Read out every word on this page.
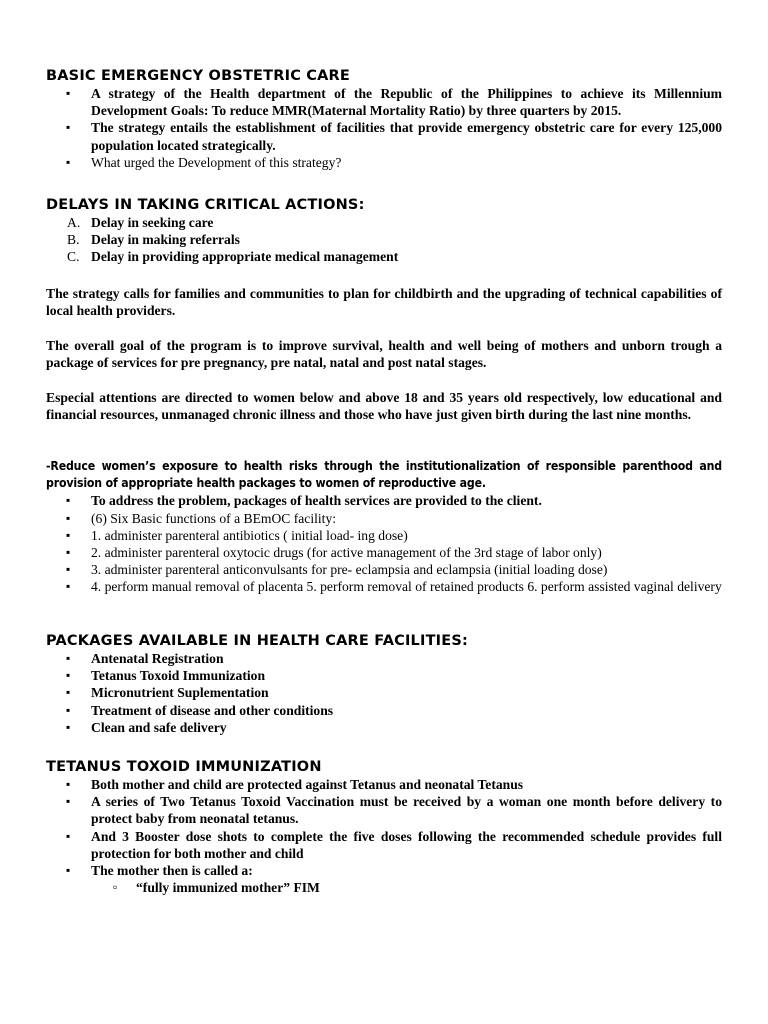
BASIC EMERGENCY OBSTETRIC CARE
▪ A strategy of the Health department of the Republic of the Philippines to achieve its Millennium Development Goals: To reduce MMR(Maternal Mortality Ratio) by three quarters by 2015.
▪ The strategy entails the establishment of facilities that provide emergency obstetric care for every 125,000 population located strategically.
▪ What urged the Development of this strategy?
DELAYS IN TAKING CRITICAL ACTIONS:
A. Delay in seeking care
B. Delay in making referrals
C. Delay in providing appropriate medical management

The strategy calls for families and communities to plan for childbirth and the upgrading of technical capabilities of local health providers.

The overall goal of the program is to improve survival, health and well being of mothers and unborn trough a package of services for pre pregnancy, pre natal, natal and post natal stages.

Especial attentions are directed to women below and above 18 and 35 years old respectively, low educational and financial resources, unmanaged chronic illness and those who have just given birth during the last nine months.

-Reduce women’s exposure to health risks through the institutionalization of responsible parenthood and provision of appropriate health packages to women of reproductive age.

▪ To address the problem, packages of health services are provided to the client.
▪ (6) Six Basic functions of a BEmOC facility:
▪ 1. administer parenteral antibiotics ( initial load- ing dose)
▪ 2. administer parenteral oxytocic drugs (for active management of the 3rd stage of labor only)
▪ 3. administer parenteral anticonvulsants for pre- eclampsia and eclampsia (initial loading dose)
▪ 4. perform manual removal of placenta 5. perform removal of retained products 6. perform assisted vaginal delivery
PACKAGES AVAILABLE IN HEALTH CARE FACILITIES:
▪ Antenatal Registration
▪ Tetanus Toxoid Immunization
▪ Micronutrient Suplementation
▪ Treatment of disease and other conditions
▪ Clean and safe delivery
TETANUS TOXOID IMMUNIZATION
▪ Both mother and child are protected against Tetanus and neonatal Tetanus
▪ A series of Two Tetanus Toxoid Vaccination must be received by a woman one month before delivery to protect baby from neonatal tetanus.
▪ And 3 Booster dose shots to complete the five doses following the recommended schedule provides full protection for both mother and child
▪ The mother then is called a:
▫ “fully immunized mother” FIM
